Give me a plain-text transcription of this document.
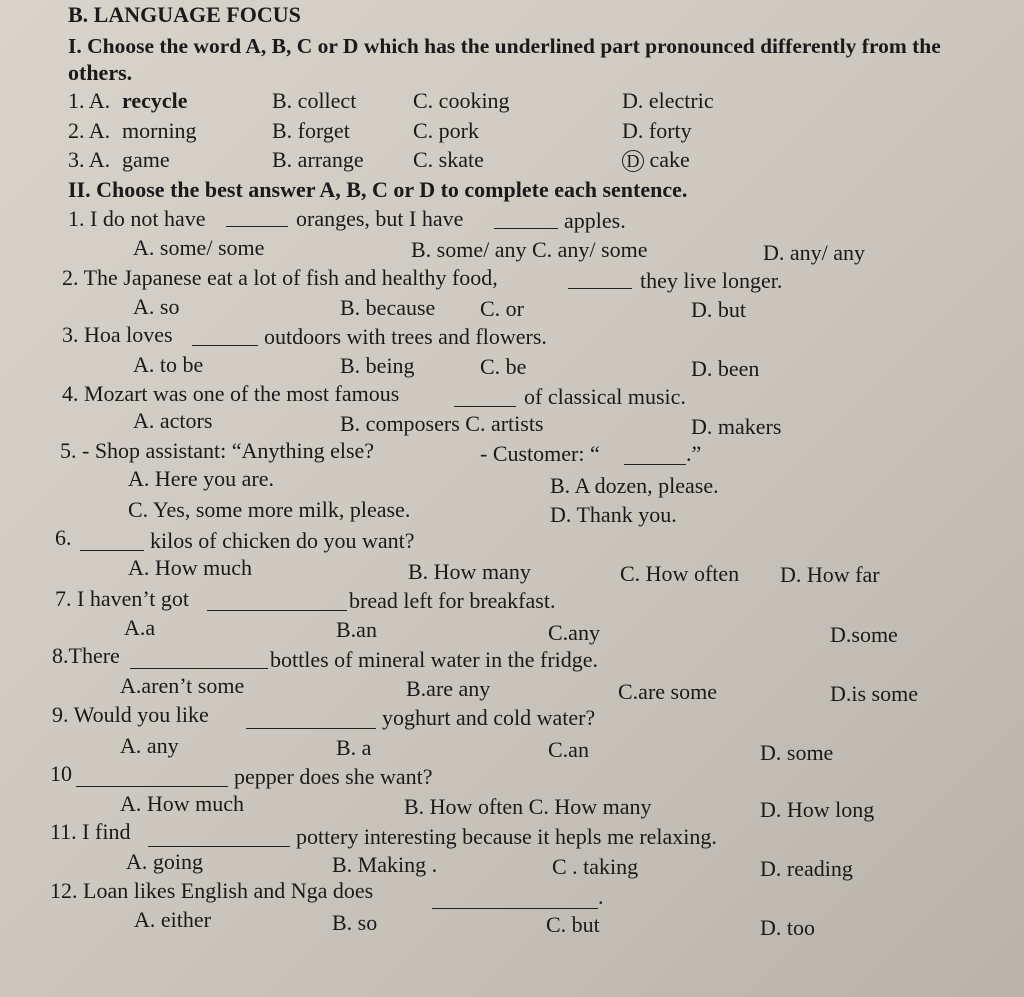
B. LANGUAGE FOCUS
I. Choose the word A, B, C or D which has the underlined part pronounced differently from the
others.
1. A. recycle	B. collect	C. cooking	D. electric
2. A. morning	B. forget	C. pork	D. forty
3. A. game	B. arrange C. skate	D cake
II. Choose the best answer A, B, C or D to complete each sentence.
1. I do not have	oranges, but I have	apples.
A. some/ some	B. some/ any C. any/ some	D. any/ any
2. The Japanese eat a lot of fish and healthy food,	they live longer.
A. so	B. because C. or	D. but
3. Hoa loves	outdoors with trees and flowers.
A. to be	B. being	C. be	D. been
4. Mozart was one of the most famous	of classical music.
A. actors	B. composers C. artists	D. makers
5. - Shop assistant: “Anything else?	- Customer: “	.”
A. Here you are.	B. A dozen, please.
C. Yes, some more milk, please.	D. Thank you.
6.	kilos of chicken do you want?
A. How much	B. How many	C. How often D. How far
7. I haven’t got	bread left for breakfast.
A.a	B.an	C.any	D.some
8.There	bottles of mineral water in the fridge.
A.aren’t some	B.are any	C.are some	D.is some
9. Would you like	yoghurt and cold water?
A. any	B. a	C.an	D. some
10	pepper does she want?
A. How much	B. How often C. How many	D. How long
11. I find	pottery interesting because it hepls me relaxing.
A. going	B. Making .	C . taking	D. reading
12. Loan likes English and Nga does	.
A. either	B. so	C. but	D. too
